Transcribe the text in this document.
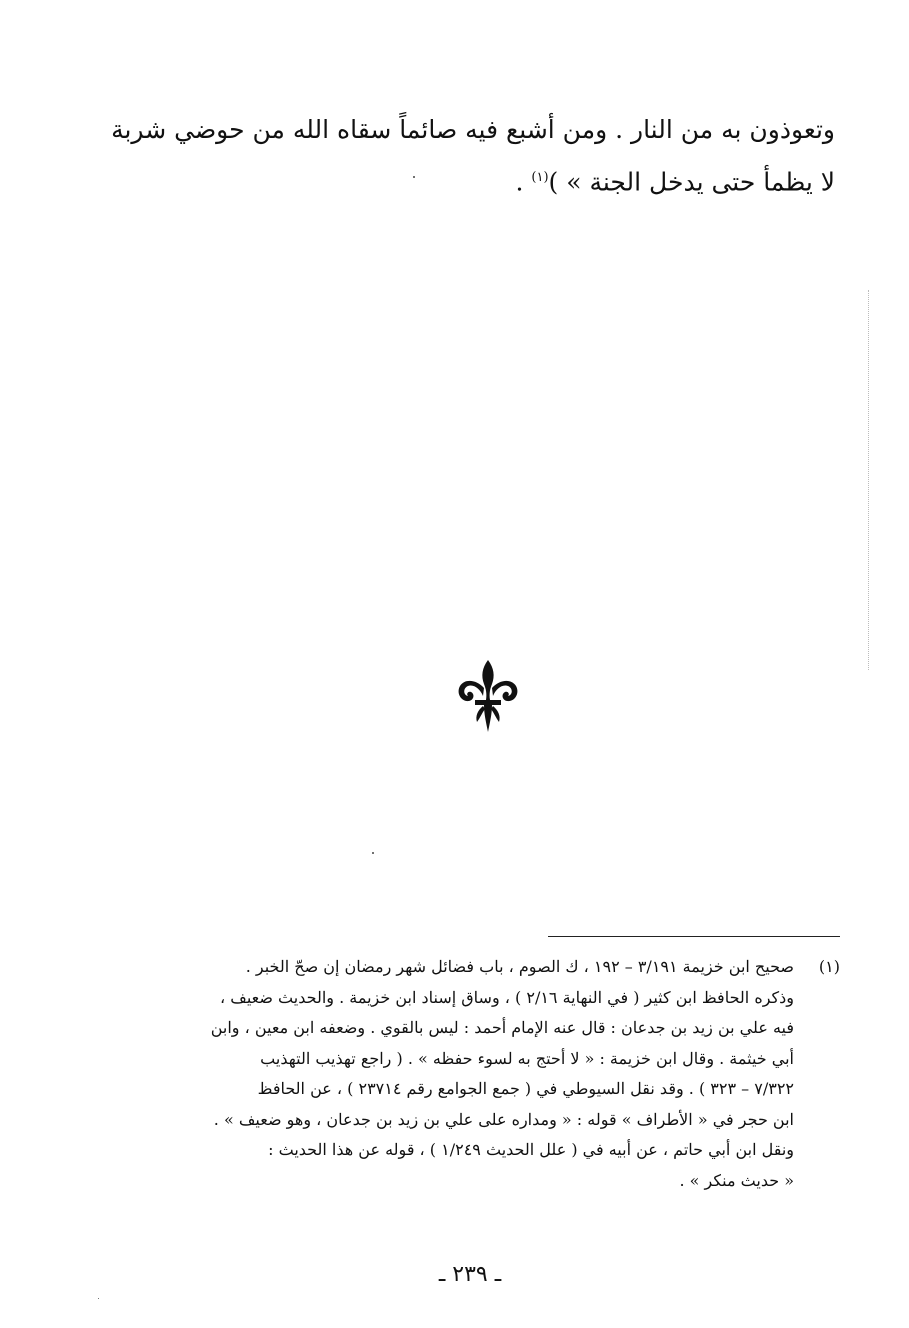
وتعوذون به من النار . ومن أشبع فيه صائماً سقاه الله من حوضي شربة
لا يظمأ حتى يدخل الجنة » )$^{(١)}$ .
(١)
صحيح ابن خزيمة ٣/١٩١ – ١٩٢ ، ك الصوم ، باب فضائل شهر رمضان إن صحّ الخبر .
وذكره الحافظ ابن كثير ( في النهاية ٢/١٦ ) ، وساق إسناد ابن خزيمة . والحديث ضعيف ،
فيه علي بن زيد بن جدعان : قال عنه الإمام أحمد : ليس بالقوي . وضعفه ابن معين ، وابن
أبي خيثمة . وقال ابن خزيمة : « لا أحتج به لسوء حفظه » . ( راجع تهذيب التهذيب
٧/٣٢٢ – ٣٢٣ ) . وقد نقل السيوطي في ( جمع الجوامع رقم ٢٣٧١٤ ) ، عن الحافظ
ابن حجر في « الأطراف » قوله : « ومداره على علي بن زيد بن جدعان ، وهو ضعيف » .
ونقل ابن أبي حاتم ، عن أبيه في ( علل الحديث ١/٢٤٩ ) ، قوله عن هذا الحديث :
« حديث منكر » .
ـ ٢٣٩ ـ
